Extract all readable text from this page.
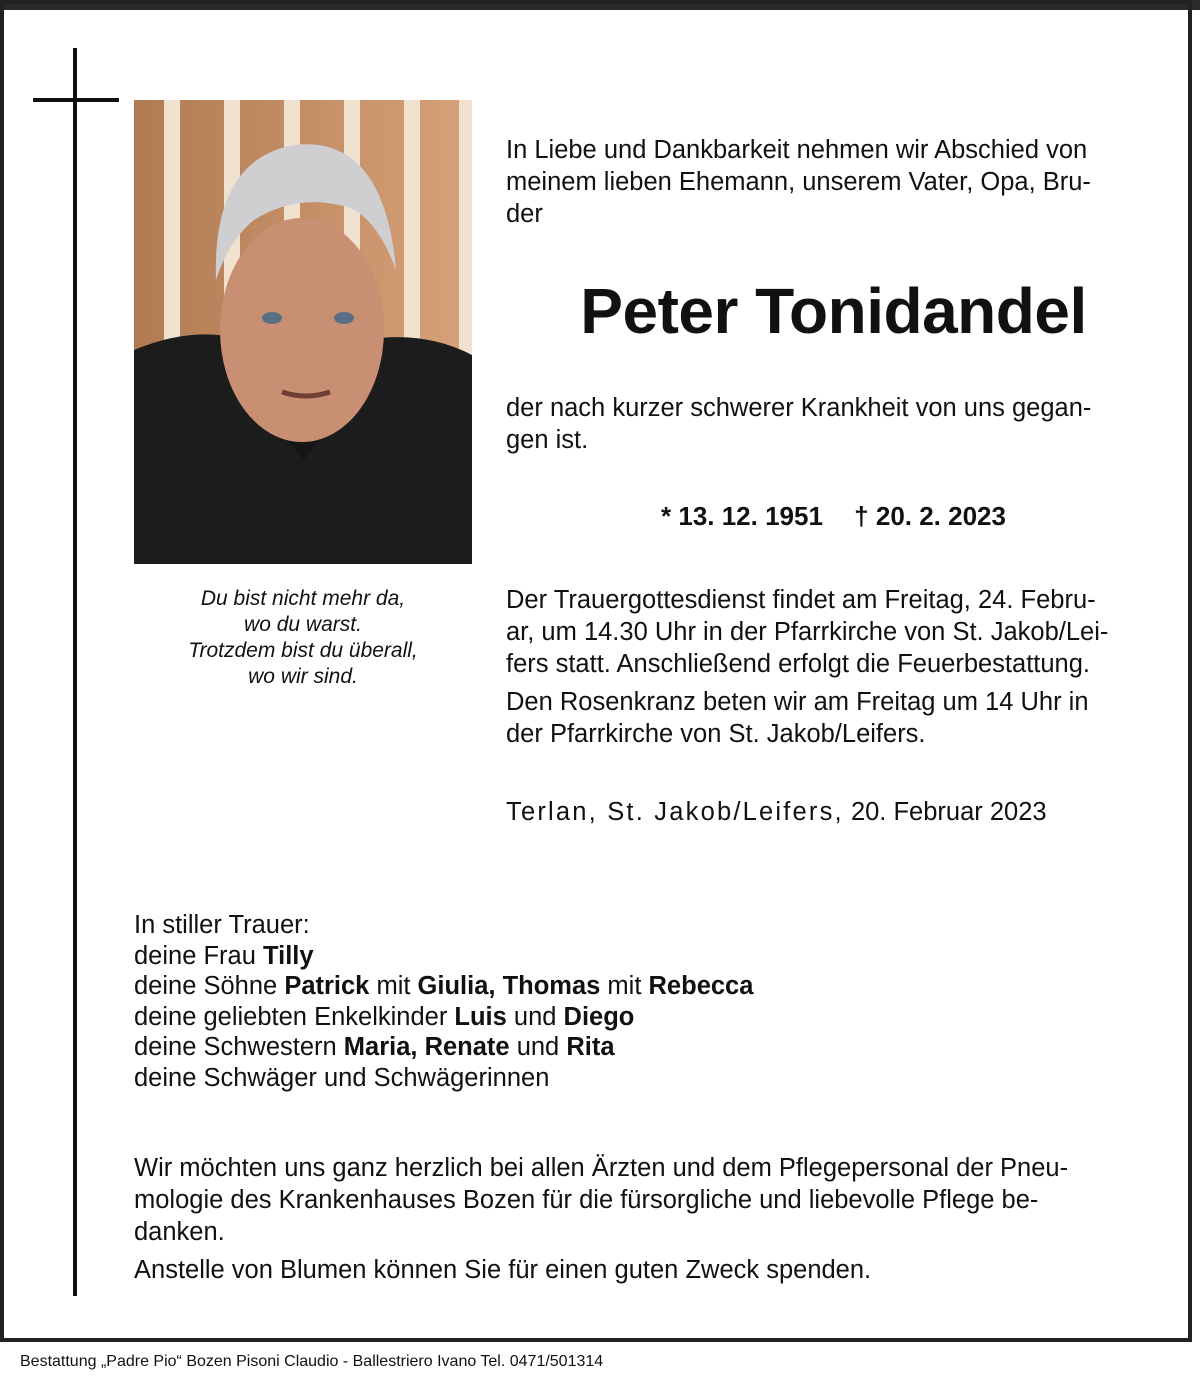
Du bist nicht mehr da,
wo du warst.
Trotzdem bist du überall,
wo wir sind.
In Liebe und Dankbarkeit nehmen wir Abschied von
meinem lieben Ehemann, unserem Vater, Opa, Bru-
der
Peter Tonidandel
der nach kurzer schwerer Krankheit von uns gegan-
gen ist.
* 13. 12. 1951 † 20. 2. 2023

Der Trauergottesdienst findet am Freitag, 24. Febru-
ar, um 14.30 Uhr in der Pfarrkirche von St. Jakob/Lei-
fers statt. Anschließend erfolgt die Feuerbestattung.

Den Rosenkranz beten wir am Freitag um 14 Uhr in
der Pfarrkirche von St. Jakob/Leifers.

Terlan, St. Jakob/Leifers, 20. Februar 2023
In stiller Trauer:
deine Frau Tilly
deine Söhne Patrick mit Giulia, Thomas mit Rebecca
deine geliebten Enkelkinder Luis und Diego
deine Schwestern Maria, Renate und Rita
deine Schwäger und Schwägerinnen

Wir möchten uns ganz herzlich bei allen Ärzten und dem Pflegepersonal der Pneu-
mologie des Krankenhauses Bozen für die fürsorgliche und liebevolle Pflege be-
danken.

Anstelle von Blumen können Sie für einen guten Zweck spenden.

Bestattung „Padre Pio“ Bozen Pisoni Claudio - Ballestriero Ivano Tel. 0471/501314
